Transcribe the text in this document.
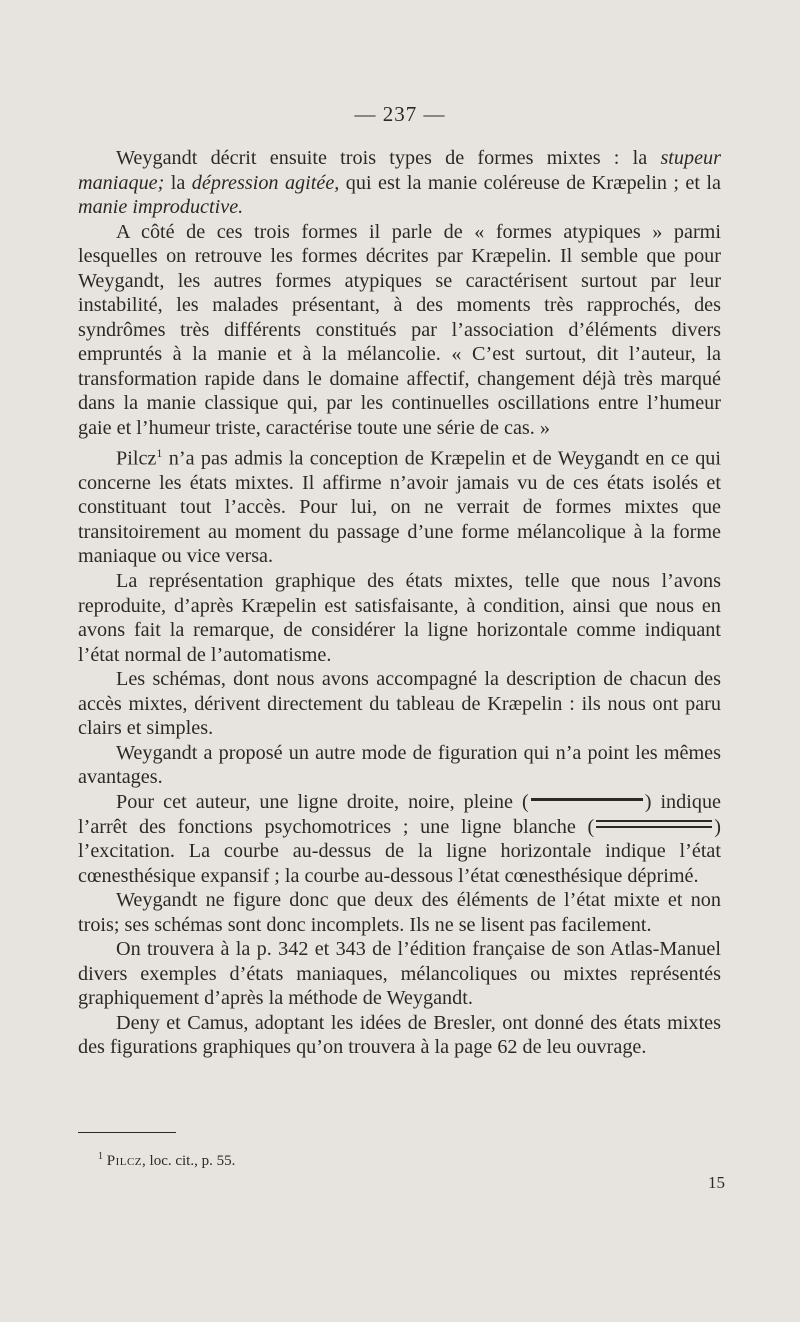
— 237 —

Weygandt décrit ensuite trois types de formes mixtes : la stupeur maniaque; la dépression agitée, qui est la manie coléreuse de Kræpelin ; et la manie improductive.

A côté de ces trois formes il parle de « formes atypiques » parmi lesquelles on retrouve les formes décrites par Kræpelin. Il semble que pour Weygandt, les autres formes atypiques se caractérisent surtout par leur instabilité, les malades présentant, à des moments très rapprochés, des syndrômes très différents constitués par l’association d’éléments divers empruntés à la manie et à la mélancolie. « C’est surtout, dit l’auteur, la transformation rapide dans le domaine affectif, changement déjà très marqué dans la manie classique qui, par les continuelles oscillations entre l’humeur gaie et l’humeur triste, caractérise toute une série de cas. »

Pilcz$^1$ n’a pas admis la conception de Kræpelin et de Weygandt en ce qui concerne les états mixtes. Il affirme n’avoir jamais vu de ces états isolés et constituant tout l’accès. Pour lui, on ne verrait de formes mixtes que transitoirement au moment du passage d’une forme mélancolique à la forme maniaque ou vice versa.

La représentation graphique des états mixtes, telle que nous l’avons reproduite, d’après Kræpelin est satisfaisante, à condition, ainsi que nous en avons fait la remarque, de considérer la ligne horizontale comme indiquant l’état normal de l’automatisme.

Les schémas, dont nous avons accompagné la description de chacun des accès mixtes, dérivent directement du tableau de Kræpelin : ils nous ont paru clairs et simples.

Weygandt a proposé un autre mode de figuration qui n’a point les mêmes avantages.

Pour cet auteur, une ligne droite, noire, pleine (	) indique l’arrêt des fonctions psychomotrices ; une ligne blanche (	) l’excitation. La courbe au-dessus de la ligne horizontale indique l’état cœnesthésique expansif ; la courbe au-dessous l’état cœnesthésique déprimé.

Weygandt ne figure donc que deux des éléments de l’état mixte et non trois; ses schémas sont donc incomplets. Ils ne se lisent pas facilement.

On trouvera à la p. 342 et 343 de l’édition française de son Atlas-Manuel divers exemples d’états maniaques, mélancoliques ou mixtes représentés graphiquement d’après la méthode de Weygandt.

Deny et Camus, adoptant les idées de Bresler, ont donné des états mixtes des figurations graphiques qu’on trouvera à la page 62 de leu ouvrage.

$^1$ Pilcz, loc. cit., p. 55.
15
